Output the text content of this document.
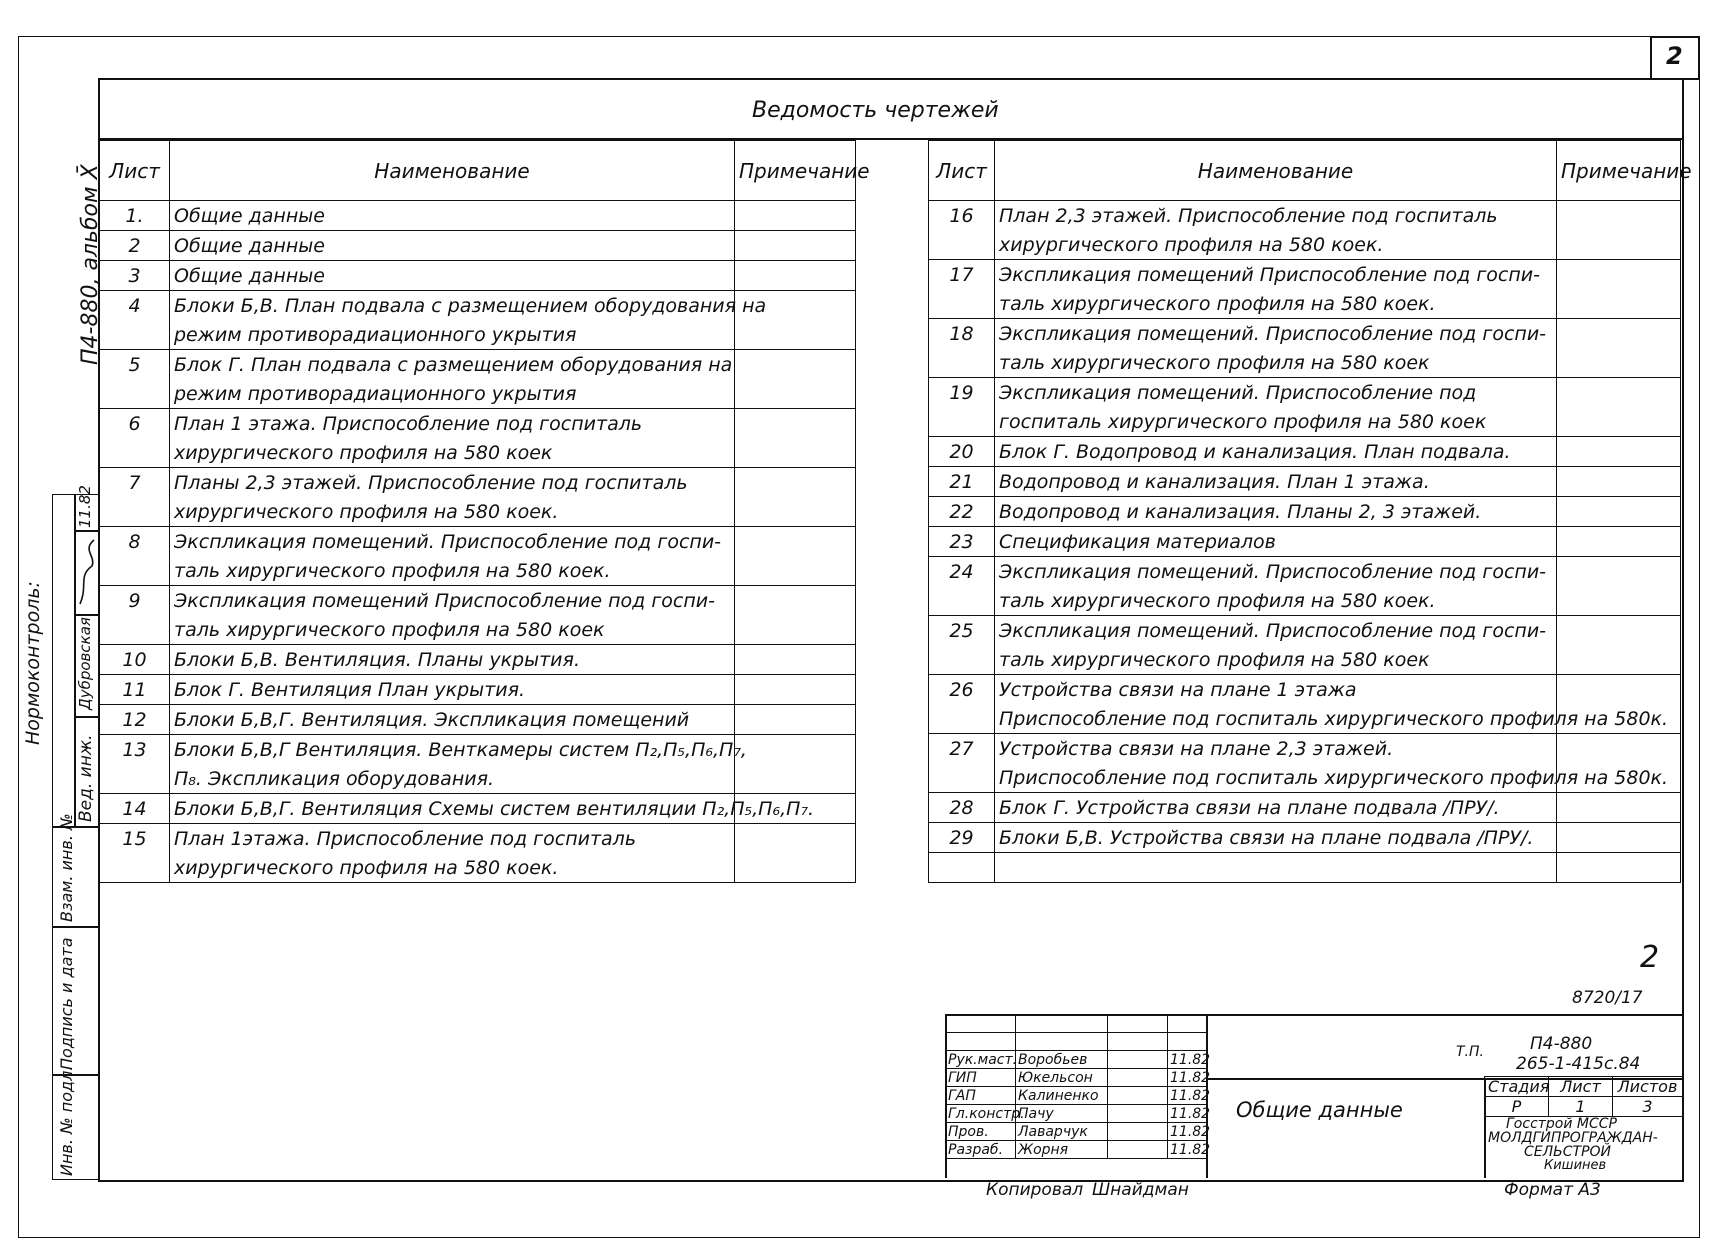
2
Ведомость чертежей
П4-880, альбом X̄ Лист	Наименование	Примечание
1.	Общие данные	
2	Общие данные	
3	Общие данные	
4	Блоки Б,В. План подвала с размещением оборудования на	
	режим противорадиационного укрытия	
5	Блок Г. План подвала с размещением оборудования на	
	режим противорадиационного укрытия	
6	План 1 этажа. Приспособление под госпиталь	
	хирургического профиля на 580 коек	
7	Планы 2,3 этажей. Приспособление под госпиталь	
	хирургического профиля на 580 коек.	
8	Экспликация помещений. Приспособление под госпи-	
	таль хирургического профиля на 580 коек.	
9	Экспликация помещений Приспособление под госпи-	
	таль хирургического профиля на 580 коек	
10	Блоки Б,В. Вентиляция. Планы укрытия.	
11	Блок Г. Вентиляция План укрытия.	
12	Блоки Б,В,Г. Вентиляция. Экспликация помещений	
13	Блоки Б,В,Г Вентиляция. Венткамеры систем П₂,П₅,П₆,П₇,	
	П₈. Экспликация оборудования.	
14	Блоки Б,В,Г. Вентиляция Схемы систем вентиляции П₂,П₅,П₆,П₇.	
15	План 1этажа. Приспособление под госпиталь	
	хирургического профиля на 580 коек.	
Лист	Наименование	Примечание
16	План 2,3 этажей. Приспособление под госпиталь	
	хирургического профиля на 580 коек.	
17	Экспликация помещений Приспособление под госпи-	
	таль хирургического профиля на 580 коек.	
18	Экспликация помещений. Приспособление под госпи-	
	таль хирургического профиля на 580 коек	
19	Экспликация помещений. Приспособление под	
	госпиталь хирургического профиля на 580 коек	
20	Блок Г. Водопровод и канализация. План подвала.	
21	Водопровод и канализация. План 1 этажа.	
22	Водопровод и канализация. Планы 2, 3 этажей.	
23	Спецификация материалов	
24	Экспликация помещений. Приспособление под госпи-	
	таль хирургического профиля на 580 коек.	
25	Экспликация помещений. Приспособление под госпи-	
	таль хирургического профиля на 580 коек	
26	Устройства связи на плане 1 этажа	
	Приспособление под госпиталь хирургического профиля на 580к.	
27	Устройства связи на плане 2,3 этажей.	
	Приспособление под госпиталь хирургического профиля на 580к.	
28	Блок Г. Устройства связи на плане подвала /ПРУ/.	
29	Блоки Б,В. Устройства связи на плане подвала /ПРУ/.	

Нормоконтроль:
11.82
Дубровская
Вед. инж.
Взам. инв. №
Подпись и дата
Инв. № подл.
2
8720/17
Т.П.	П4-880
265-1-415с.84

Рук.маст.	Воробьев		11.82
ГИП	Юкельсон		11.82
ГАП	Калиненко		11.82
Гл.констр.	Пачу		11.82
Пров.	Лаварчук		11.82
Разраб.	Жорня		11.82
Общие данные
Стадия	Лист	Листов
Р	1	3
Госстрой МССР
МОЛДГИПРОГРАЖДАН-
СЕЛЬСТРОЙ
Кишинев
Копировал Шнайдман	Формат А3
